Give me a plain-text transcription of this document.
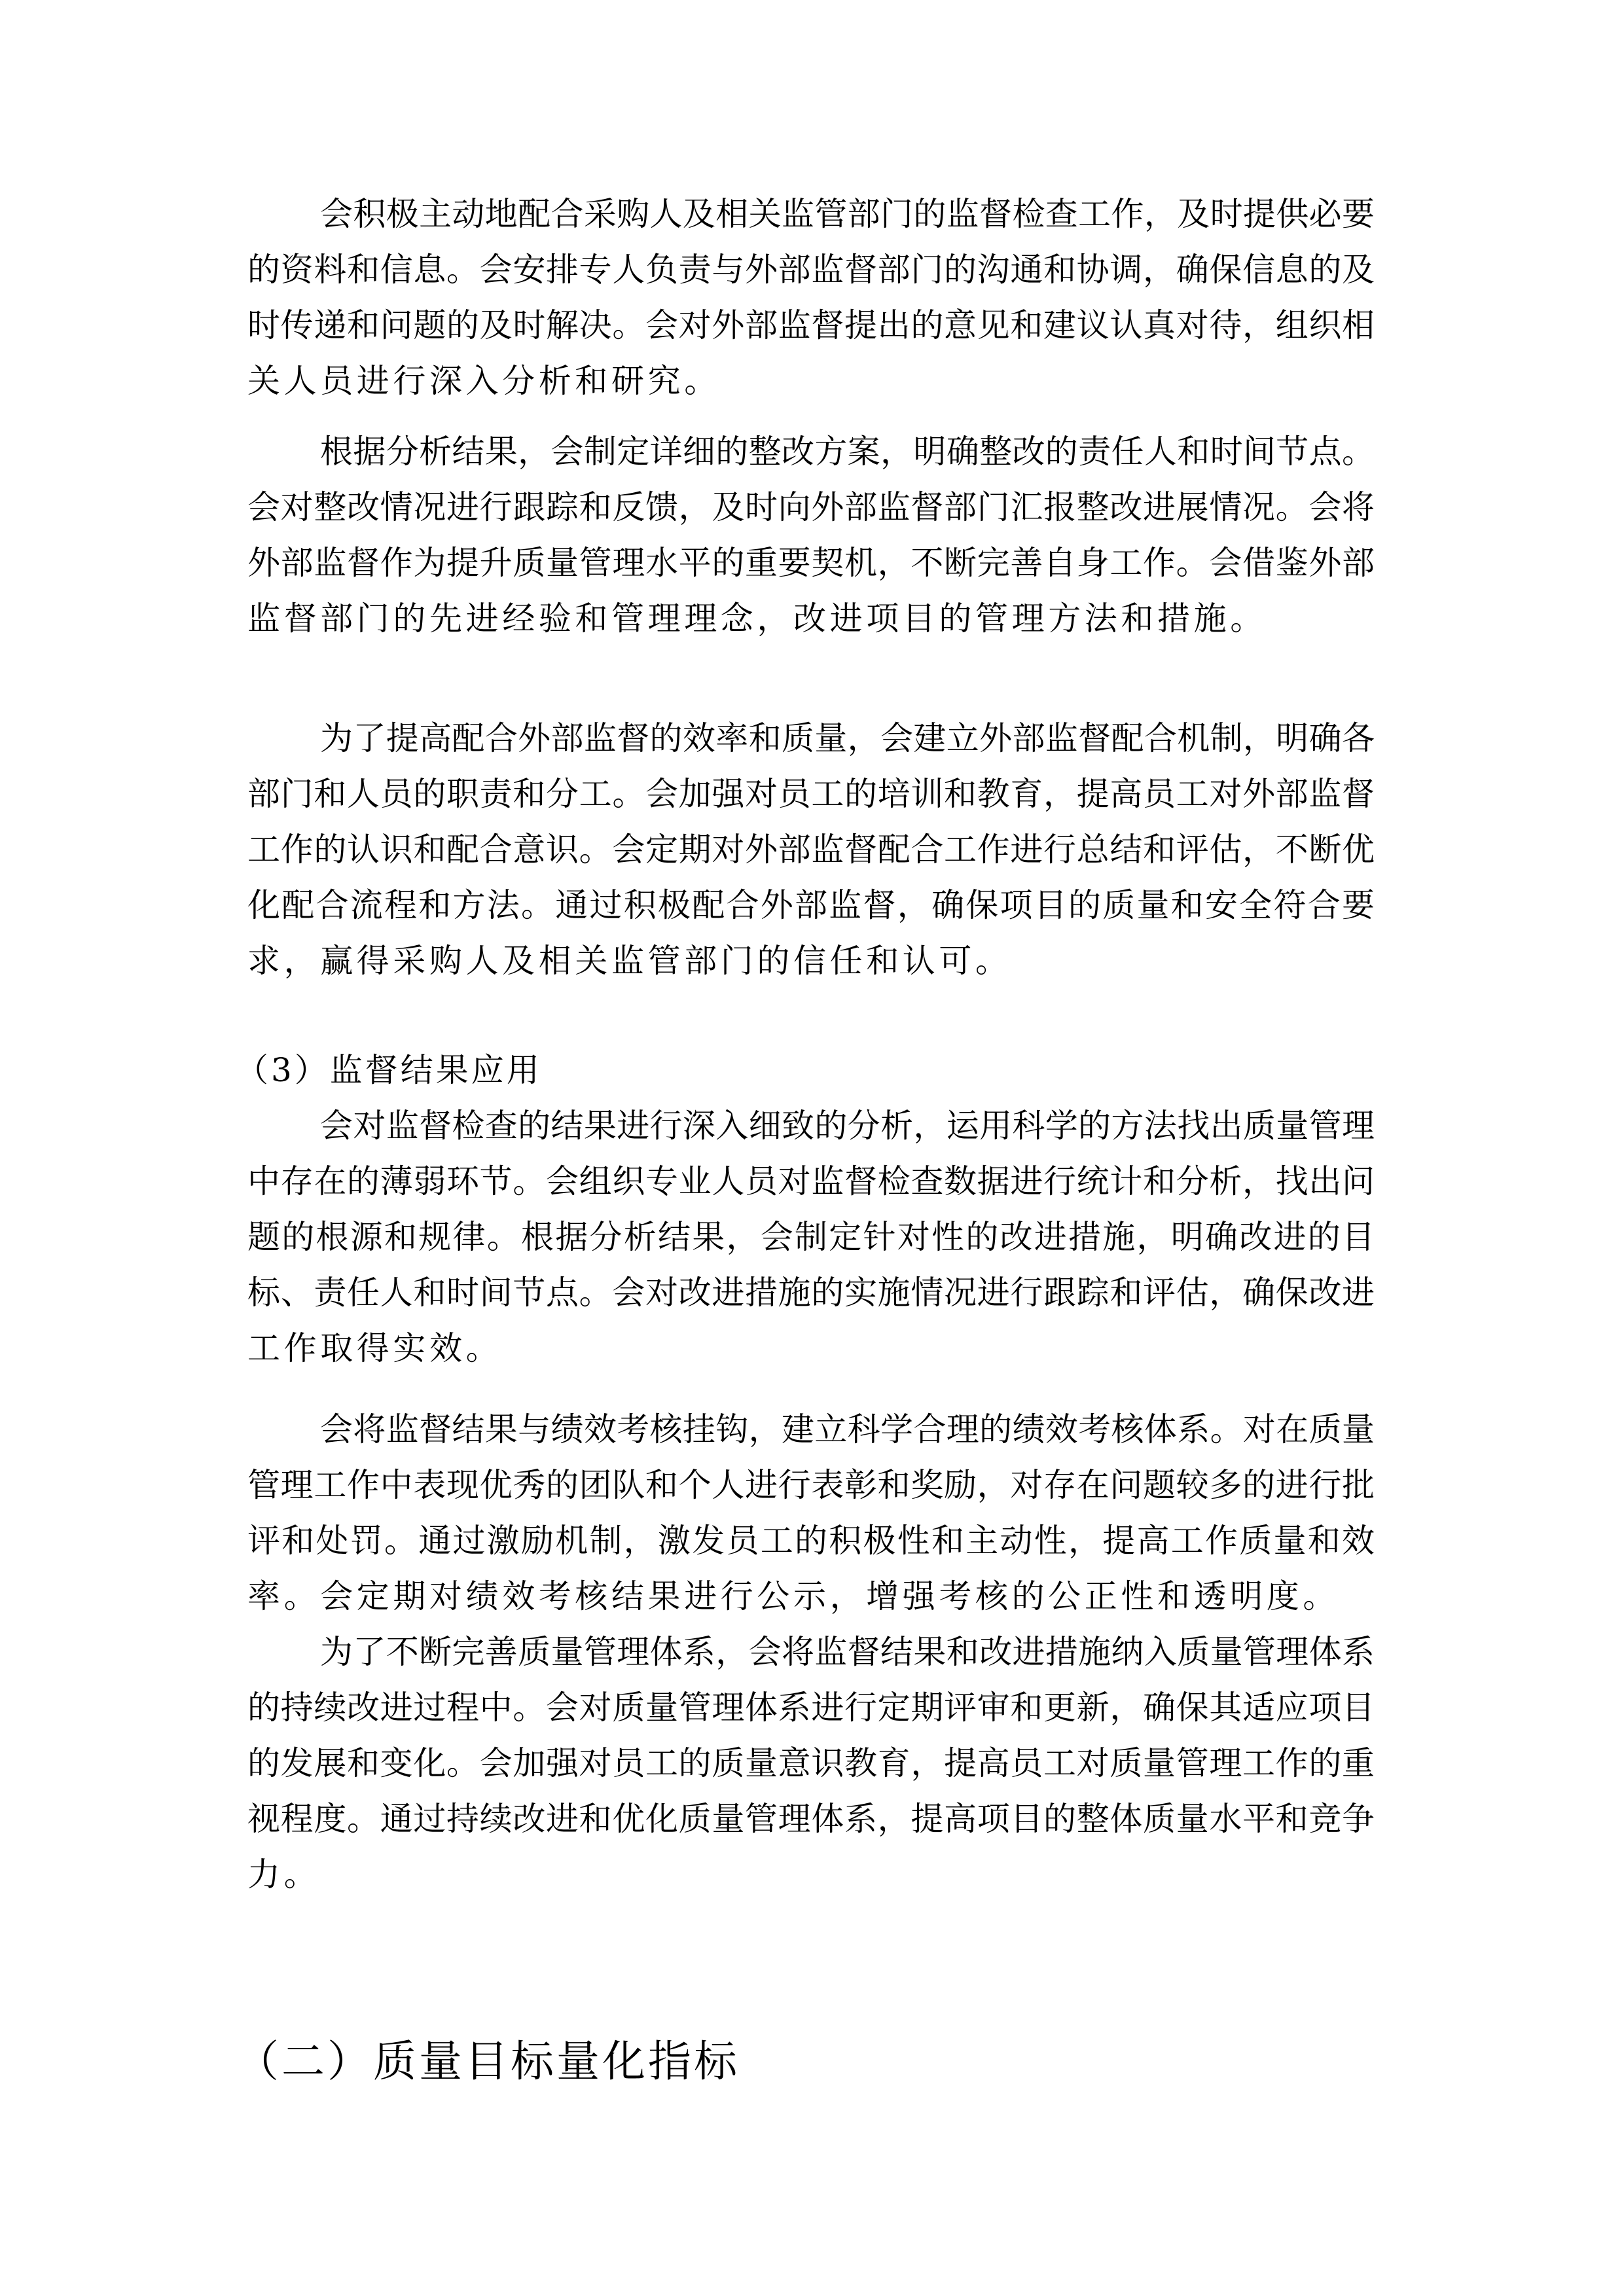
会积极主动地配合采购人及相关监管部门的监督检查工作，及时提供必要
的资料和信息。会安排专人负责与外部监督部门的沟通和协调，确保信息的及
时传递和问题的及时解决。会对外部监督提出的意见和建议认真对待，组织相
关人员进行深入分析和研究。
根据分析结果，会制定详细的整改方案，明确整改的责任人和时间节点。
会对整改情况进行跟踪和反馈，及时向外部监督部门汇报整改进展情况。会将
外部监督作为提升质量管理水平的重要契机，不断完善自身工作。会借鉴外部
监督部门的先进经验和管理理念，改进项目的管理方法和措施。
为了提高配合外部监督的效率和质量，会建立外部监督配合机制，明确各
部门和人员的职责和分工。会加强对员工的培训和教育，提高员工对外部监督
工作的认识和配合意识。会定期对外部监督配合工作进行总结和评估，不断优
化配合流程和方法。通过积极配合外部监督，确保项目的质量和安全符合要
求，赢得采购人及相关监管部门的信任和认可。
（3）监督结果应用
会对监督检查的结果进行深入细致的分析，运用科学的方法找出质量管理
中存在的薄弱环节。会组织专业人员对监督检查数据进行统计和分析，找出问
题的根源和规律。根据分析结果，会制定针对性的改进措施，明确改进的目
标、责任人和时间节点。会对改进措施的实施情况进行跟踪和评估，确保改进
工作取得实效。
会将监督结果与绩效考核挂钩，建立科学合理的绩效考核体系。对在质量
管理工作中表现优秀的团队和个人进行表彰和奖励，对存在问题较多的进行批
评和处罚。通过激励机制，激发员工的积极性和主动性，提高工作质量和效
率。会定期对绩效考核结果进行公示，增强考核的公正性和透明度。
为了不断完善质量管理体系，会将监督结果和改进措施纳入质量管理体系
的持续改进过程中。会对质量管理体系进行定期评审和更新，确保其适应项目
的发展和变化。会加强对员工的质量意识教育，提高员工对质量管理工作的重
视程度。通过持续改进和优化质量管理体系，提高项目的整体质量水平和竞争
力。
（二）质量目标量化指标
